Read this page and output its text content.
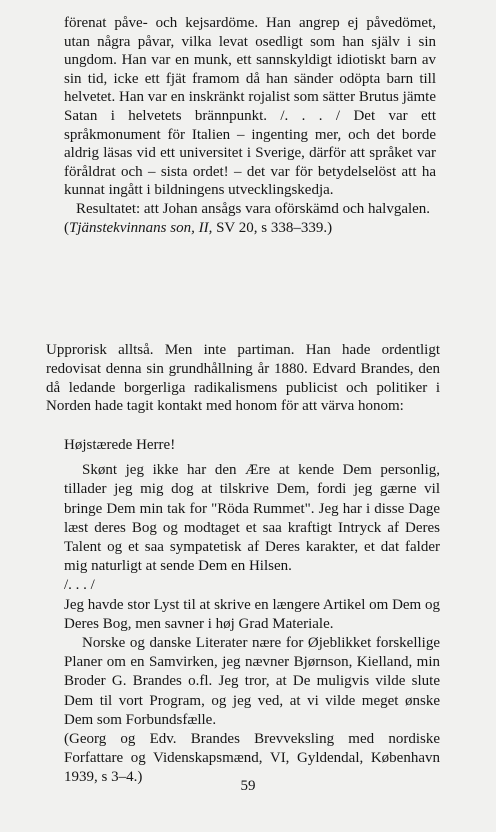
förenat påve- och kejsardöme. Han angrep ej påvedömet, utan några påvar, vilka levat osedligt som han själv i sin ungdom. Han var en munk, ett sannskyldigt idiotiskt barn av sin tid, icke ett fjät framom då han sänder odöpta barn till helvetet. Han var en inskränkt rojalist som sätter Brutus jämte Satan i helvetets brännpunkt. /. . . / Det var ett språkmonument för Italien – ingenting mer, och det borde aldrig läsas vid ett universitet i Sverige, därför att språket var föråldrat och – sista ordet! – det var för betydelselöst att ha kunnat ingått i bildningens utvecklingskedja.

Resultatet: att Johan ansågs vara oförskämd och halvgalen.

(Tjänstekvinnans son, II, SV 20, s 338–339.)

Upprorisk alltså. Men inte partiman. Han hade ordentligt redovisat denna sin grundhållning år 1880. Edvard Brandes, den då ledande borgerliga radikalismens publicist och politiker i Norden hade tagit kontakt med honom för att värva honom:

Højstærede Herre!

Skønt jeg ikke har den Ære at kende Dem personlig, tillader jeg mig dog at tilskrive Dem, fordi jeg gærne vil bringe Dem min tak for "Röda Rummet". Jeg har i disse Dage læst deres Bog og modtaget et saa kraftigt Intryck af Deres Talent og et saa sympatetisk af Deres karakter, et dat falder mig naturligt at sende Dem en Hilsen.

/. . . /

Jeg havde stor Lyst til at skrive en længere Artikel om Dem og Deres Bog, men savner i høj Grad Materiale.

Norske og danske Literater nære for Øjeblikket forskellige Planer om en Samvirken, jeg nævner Bjørnson, Kielland, min Broder G. Brandes o.fl. Jeg tror, at De muligvis vilde slute Dem til vort Program, og jeg ved, at vi vilde meget ønske Dem som Forbundsfælle.

(Georg og Edv. Brandes Brevveksling med nordiske Forfattare og Videnskapsmænd, VI, Gyldendal, København 1939, s 3–4.)

59
